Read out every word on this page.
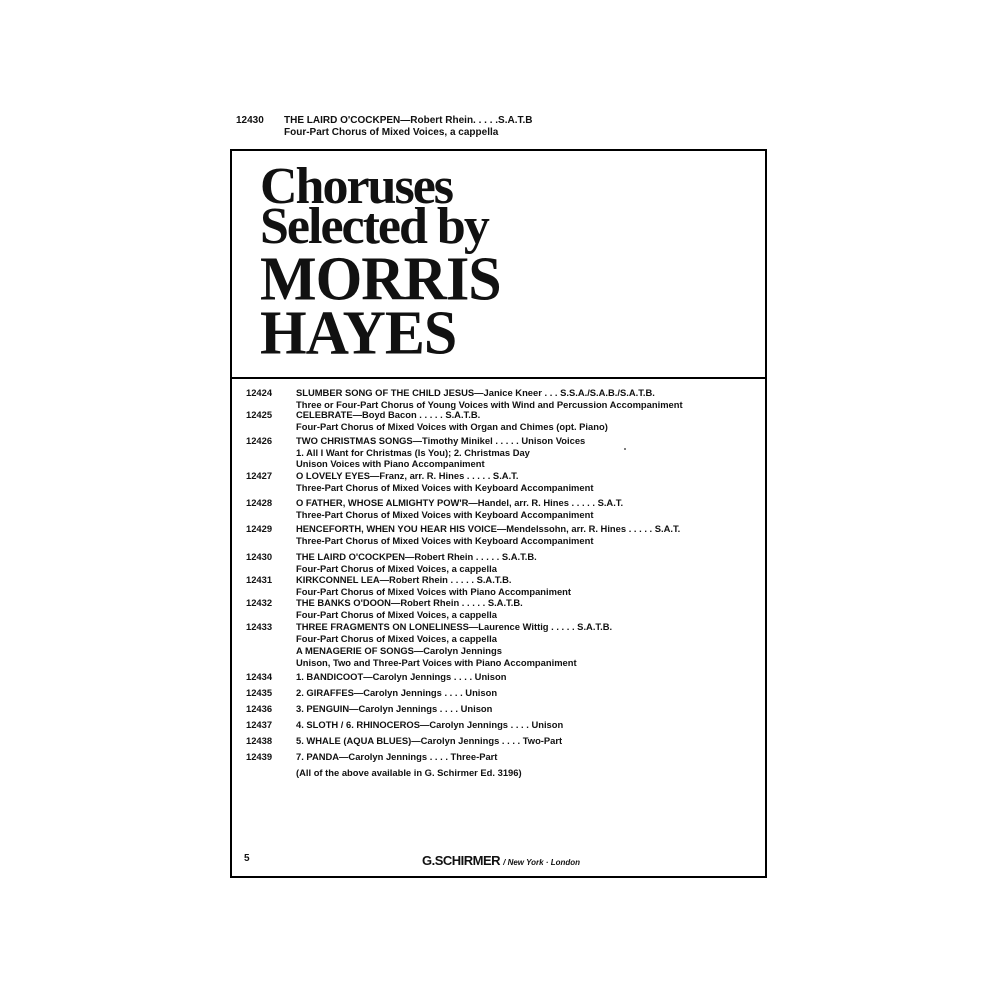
12430 THE LAIRD O'COCKPEN—Robert Rhein. . . . .S.A.T.B
Four-Part Chorus of Mixed Voices, a cappella
Choruses
Selected by
MORRIS
HAYES
12424	SLUMBER SONG OF THE CHILD JESUS—Janice Kneer . . . S.S.A./S.A.B./S.A.T.B.
Three or Four-Part Chorus of Young Voices with Wind and Percussion Accompaniment
12425	CELEBRATE—Boyd Bacon . . . . . S.A.T.B.
Four-Part Chorus of Mixed Voices with Organ and Chimes (opt. Piano)
12426	TWO CHRISTMAS SONGS—Timothy Minikel . . . . . Unison Voices
1. All I Want for Christmas (Is You); 2. Christmas Day
Unison Voices with Piano Accompaniment
12427	O LOVELY EYES—Franz, arr. R. Hines . . . . . S.A.T.
Three-Part Chorus of Mixed Voices with Keyboard Accompaniment
12428	O FATHER, WHOSE ALMIGHTY POW'R—Handel, arr. R. Hines . . . . . S.A.T.
Three-Part Chorus of Mixed Voices with Keyboard Accompaniment
12429	HENCEFORTH, WHEN YOU HEAR HIS VOICE—Mendelssohn, arr. R. Hines . . . . . S.A.T.
Three-Part Chorus of Mixed Voices with Keyboard Accompaniment
12430	THE LAIRD O'COCKPEN—Robert Rhein . . . . . S.A.T.B.
Four-Part Chorus of Mixed Voices, a cappella
12431	KIRKCONNEL LEA—Robert Rhein . . . . . S.A.T.B.
Four-Part Chorus of Mixed Voices with Piano Accompaniment
12432	THE BANKS O'DOON—Robert Rhein . . . . . S.A.T.B.
Four-Part Chorus of Mixed Voices, a cappella
12433	THREE FRAGMENTS ON LONELINESS—Laurence Wittig . . . . . S.A.T.B.
Four-Part Chorus of Mixed Voices, a cappella
A MENAGERIE OF SONGS—Carolyn Jennings
Unison, Two and Three-Part Voices with Piano Accompaniment
12434	1. BANDICOOT—Carolyn Jennings . . . . Unison
12435	2. GIRAFFES—Carolyn Jennings . . . . Unison
12436	3. PENGUIN—Carolyn Jennings . . . . Unison
12437	4. SLOTH / 6. RHINOCEROS—Carolyn Jennings . . . . Unison
12438	5. WHALE (AQUA BLUES)—Carolyn Jennings . . . . Two-Part
12439	7. PANDA—Carolyn Jennings . . . . Three-Part
(All of the above available in G. Schirmer Ed. 3196)
5	G.SCHIRMER / New York · London
